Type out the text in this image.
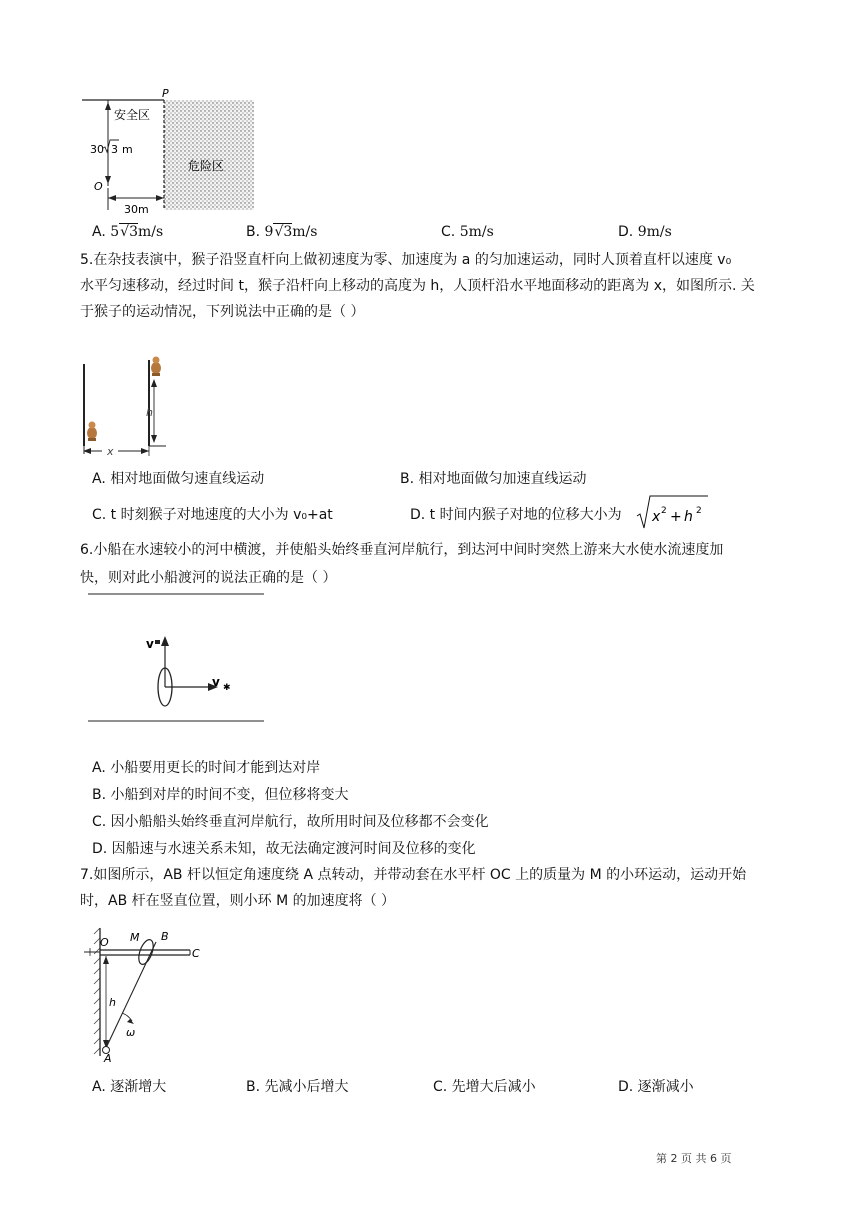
P
安全区
30 3 m
O
危险区
30m
A. 5√3m/s	B. 9√3m/s	C. 5m/s	D. 9m/s
5.在杂技表演中，猴子沿竖直杆向上做初速度为零、加速度为 a 的匀加速运动，同时人顶着直杆以速度 v₀
水平匀速移动，经过时间 t，猴子沿杆向上移动的高度为 h，人顶杆沿水平地面移动的距离为 x，如图所示. 关
于猴子的运动情况，下列说法中正确的是（ ）
h
x
A. 相对地面做匀速直线运动	B. 相对地面做匀加速直线运动
C. t 时刻猴子对地速度的大小为 v₀+at	D. t 时间内猴子对地的位移大小为 x 2 + h 2
6.小船在水速较小的河中横渡，并使船头始终垂直河岸航行，到达河中间时突然上游来大水使水流速度加
快，则对此小船渡河的说法正确的是（ ）
v
v ✱
A. 小船要用更长的时间才能到达对岸
B. 小船到对岸的时间不变，但位移将变大
C. 因小船船头始终垂直河岸航行，故所用时间及位移都不会变化
D. 因船速与水速关系未知，故无法确定渡河时间及位移的变化
7.如图所示，AB 杆以恒定角速度绕 A 点转动，并带动套在水平杆 OC 上的质量为 M 的小环运动，运动开始
时，AB 杆在竖直位置，则小环 M 的加速度将（ ）
O M B
C
h
ω
A
A. 逐渐增大	B. 先减小后增大	C. 先增大后减小	D. 逐渐减小
第 2 页 共 6 页
